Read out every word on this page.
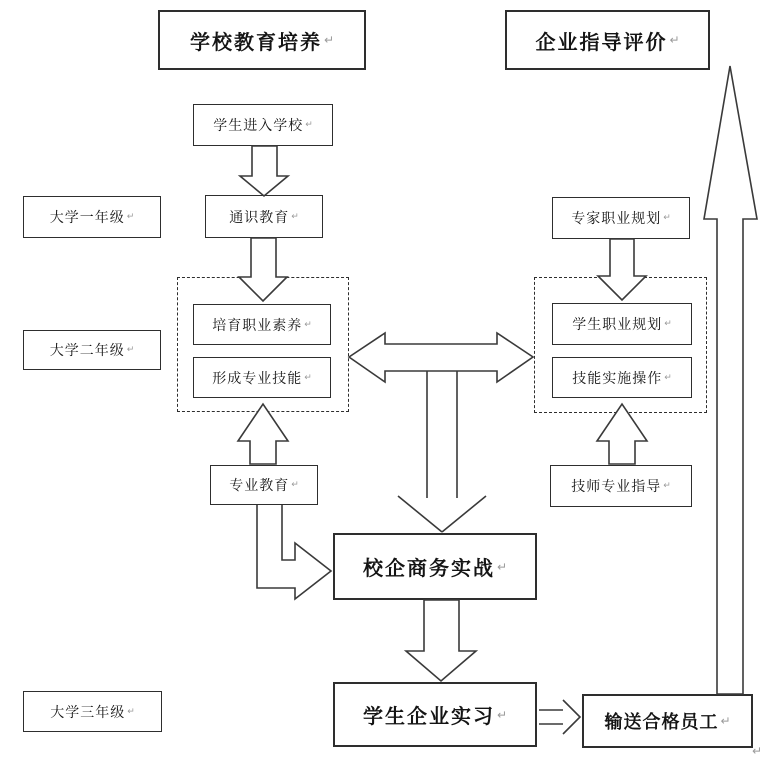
学校教育培养 ↵	企业指导评价 ↵
大学一年级 ↵
大学二年级 ↵
大学三年级 ↵
学生进入学校 ↵
通识教育 ↵
培育职业素养 ↵
形成专业技能 ↵
专业教育 ↵
专家职业规划 ↵
学生职业规划 ↵
技能实施操作 ↵
技师专业指导 ↵
校企商务实战 ↵
学生企业实习 ↵	输送合格员工 ↵
↵
